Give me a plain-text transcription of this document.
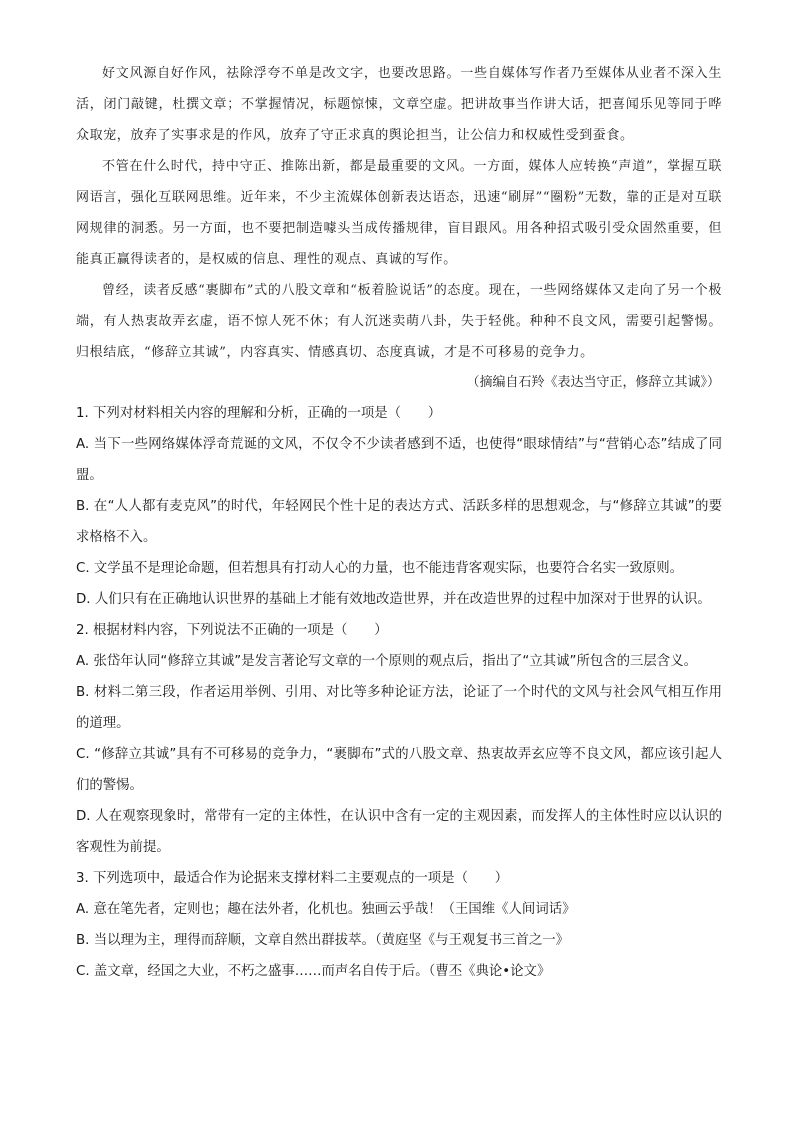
好文风源自好作风，祛除浮夸不单是改文字，也要改思路。一些自媒体写作者乃至媒体从业者不深入生活，闭门敲键，杜撰文章；不掌握情况，标题惊悚，文章空虚。把讲故事当作讲大话，把喜闻乐见等同于哗众取宠，放弃了实事求是的作风，放弃了守正求真的舆论担当，让公信力和权威性受到蚕食。

不管在什么时代，持中守正、推陈出新，都是最重要的文风。一方面，媒体人应转换“声道”，掌握互联网语言，强化互联网思维。近年来，不少主流媒体创新表达语态，迅速“刷屏”“圈粉”无数，靠的正是对互联网规律的洞悉。另一方面，也不要把制造噱头当成传播规律，盲目跟风。用各种招式吸引受众固然重要，但能真正赢得读者的，是权威的信息、理性的观点、真诚的写作。

曾经，读者反感“裹脚布”式的八股文章和“板着脸说话”的态度。现在，一些网络媒体又走向了另一个极端，有人热衷故弄玄虚，语不惊人死不休；有人沉迷卖萌八卦，失于轻佻。种种不良文风，需要引起警惕。归根结底，“修辞立其诚”，内容真实、情感真切、态度真诚，才是不可移易的竞争力。

（摘编自石羚《表达当守正，修辞立其诚》）

1. 下列对材料相关内容的理解和分析，正确的一项是（　　）

A. 当下一些网络媒体浮奇荒诞的文风，不仅令不少读者感到不适，也使得“眼球情结”与“营销心态”结成了同盟。

B. 在“人人都有麦克风”的时代，年轻网民个性十足的表达方式、活跃多样的思想观念，与“修辞立其诚”的要求格格不入。

C. 文学虽不是理论命题，但若想具有打动人心的力量，也不能违背客观实际，也要符合名实一致原则。

D. 人们只有在正确地认识世界的基础上才能有效地改造世界，并在改造世界的过程中加深对于世界的认识。

2. 根据材料内容，下列说法不正确的一项是（　　）

A. 张岱年认同“修辞立其诚”是发言著论写文章的一个原则的观点后，指出了“立其诚”所包含的三层含义。

B. 材料二第三段，作者运用举例、引用、对比等多种论证方法，论证了一个时代的文风与社会风气相互作用的道理。

C. “修辞立其诚”具有不可移易的竞争力，“裹脚布”式的八股文章、热衷故弄玄应等不良文风，都应该引起人们的警惕。

D. 人在观察现象时，常带有一定的主体性，在认识中含有一定的主观因素，而发挥人的主体性时应以认识的客观性为前提。

3. 下列选项中，最适合作为论据来支撑材料二主要观点的一项是（　　）

A. 意在笔先者，定则也；趣在法外者，化机也。独画云乎哉！（王国维《人间词话》

B. 当以理为主，理得而辞顺，文章自然出群拔萃。（黄庭坚《与王观复书三首之一》

C. 盖文章，经国之大业，不朽之盛事……而声名自传于后。（曹丕《典论•论文》
